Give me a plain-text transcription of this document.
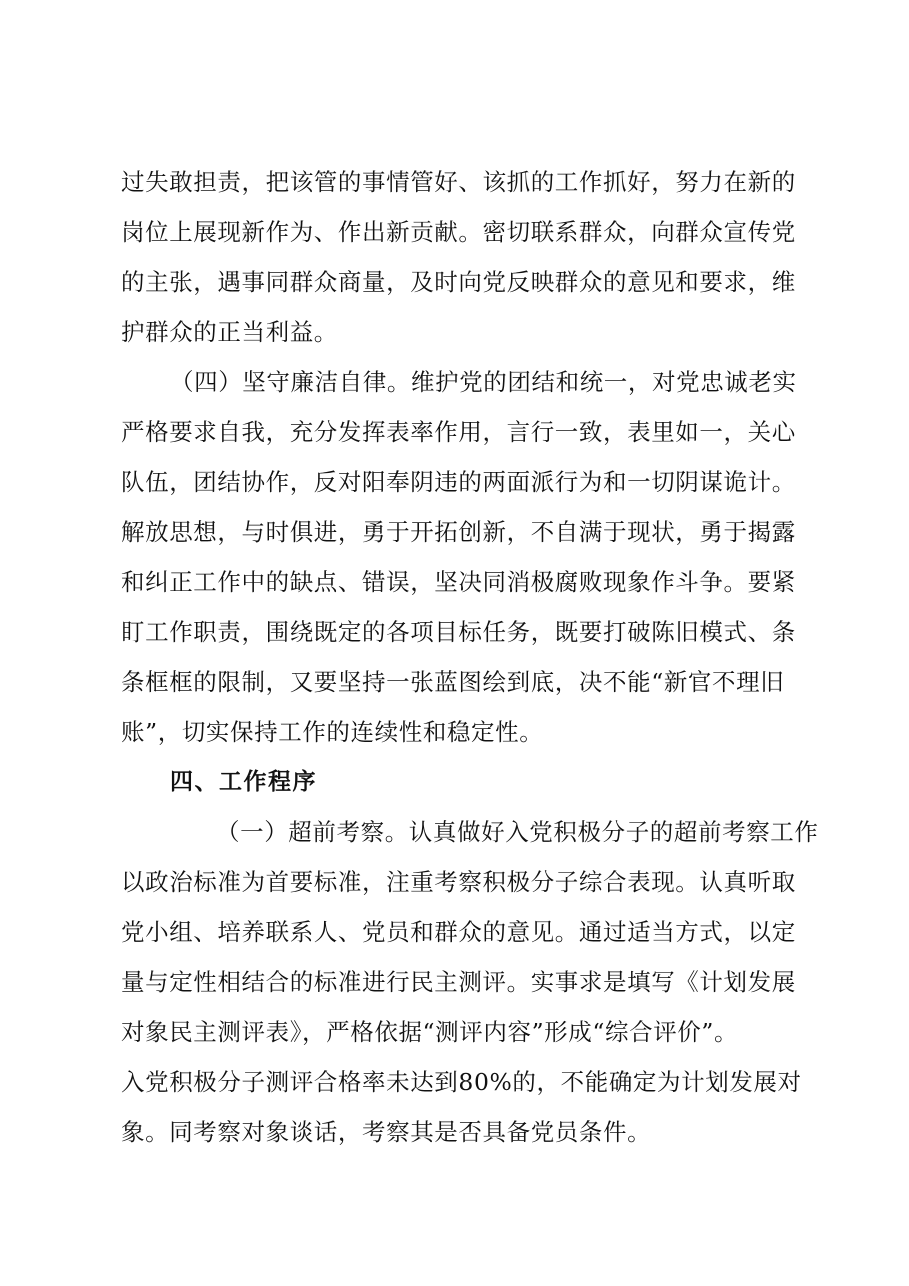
过失敢担责，把该管的事情管好、该抓的工作抓好，努力在新的
岗位上展现新作为、作出新贡献。密切联系群众，向群众宣传党
的主张，遇事同群众商量，及时向党反映群众的意见和要求，维
护群众的正当利益。
（四）坚守廉洁自律。维护党的团结和统一，对党忠诚老实
严格要求自我，充分发挥表率作用，言行一致，表里如一，关心
队伍，团结协作，反对阳奉阴违的两面派行为和一切阴谋诡计。
解放思想，与时俱进，勇于开拓创新，不自满于现状，勇于揭露
和纠正工作中的缺点、错误，坚决同消极腐败现象作斗争。要紧
盯工作职责，围绕既定的各项目标任务，既要打破陈旧模式、条
条框框的限制，又要坚持一张蓝图绘到底，决不能“新官不理旧
账”，切实保持工作的连续性和稳定性。
四、工作程序
（一）超前考察。认真做好入党积极分子的超前考察工作
以政治标准为首要标准，注重考察积极分子综合表现。认真听取
党小组、培养联系人、党员和群众的意见。通过适当方式，以定
量与定性相结合的标准进行民主测评。实事求是填写《计划发展
对象民主测评表》，严格依据“测评内容”形成“综合评价”。
入党积极分子测评合格率未达到80%的，不能确定为计划发展对
象。同考察对象谈话，考察其是否具备党员条件。
